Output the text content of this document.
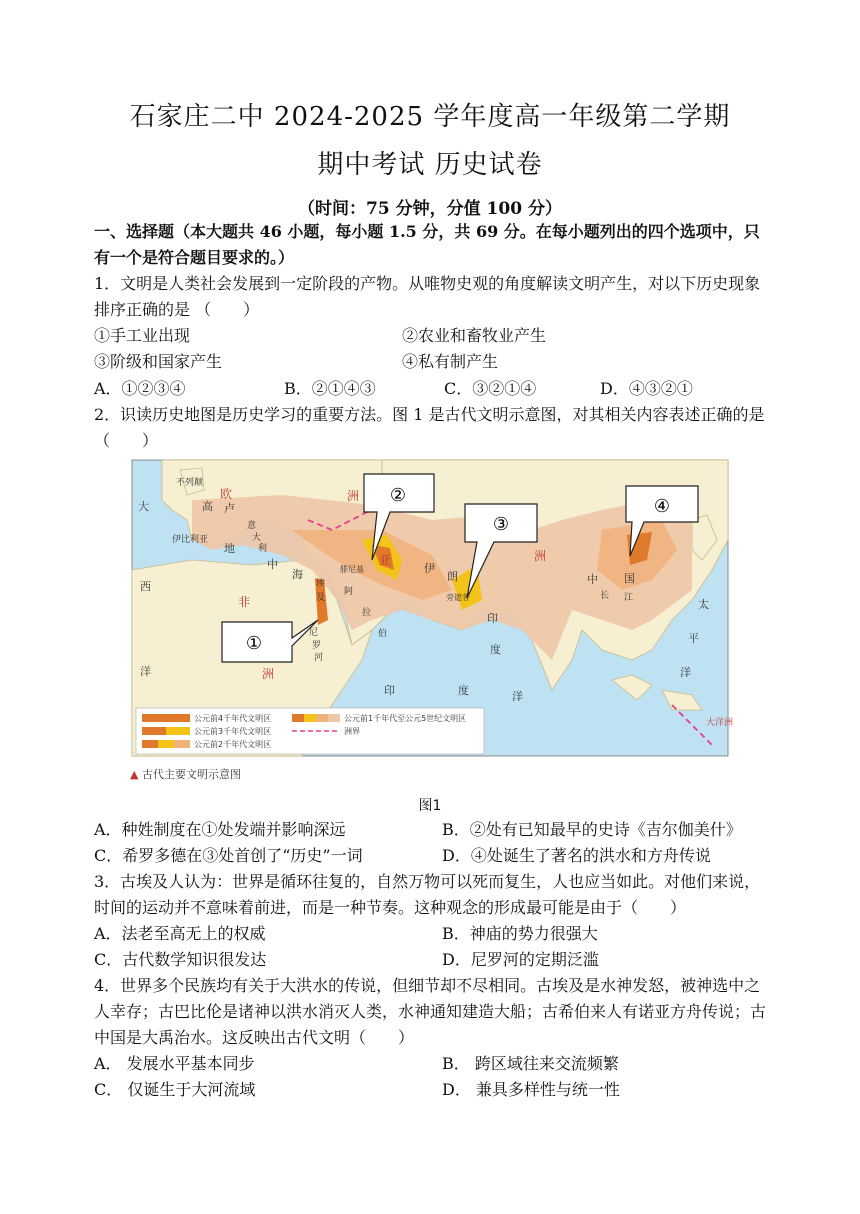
石家庄二中 2024-2025 学年度高一年级第二学期
期中考试 历史试卷
（时间：75 分钟，分值 100 分）
一、选择题（本大题共 46 小题，每小题 1.5 分，共 69 分。在每小题列出的四个选项中，只有一个是符合题目要求的。）
1．文明是人类社会发展到一定阶段的产物。从唯物史观的角度解读文明产生，对以下历史现象排序正确的是 （　　）
①手工业出现	②农业和畜牧业产生
③阶级和国家产生	④私有制产生
A．①②③④	B．②①④③	C．③②①④	D．④③②①
2．识读历史地图是历史学习的重要方法。图 1 是古代文明示意图，对其相关内容表述正确的是（　　）
①
②
③
④
不列颠
欧	洲
高 卢
意
大
利
伊比利亚
地
中
海
大
西
洋
非
洲
埃
及
尼
罗
河
阿
拉
伯
腓尼基
亚
伊
朗
旁遮普
印
度
洲
中 国
长 江	太
平
洋
印	度	洋
大洋洲
公元前4千年代文明区
公元前3千年代文明区
公元前2千年代文明区
公元前1千年代至公元5世纪文明区
洲界
▲ 古代主要文明示意图
图1
A．种姓制度在①处发端并影响深远	B．②处有已知最早的史诗《吉尔伽美什》
C．希罗多德在③处首创了“历史”一词	D．④处诞生了著名的洪水和方舟传说
3．古埃及人认为：世界是循环往复的，自然万物可以死而复生，人也应当如此。对他们来说，时间的运动并不意味着前进，而是一种节奏。这种观念的形成最可能是由于（　　）
A．法老至高无上的权威	B．神庙的势力很强大
C．古代数学知识很发达	D．尼罗河的定期泛滥
4．世界多个民族均有关于大洪水的传说，但细节却不尽相同。古埃及是水神发怒，被神选中之人幸存；古巴比伦是诸神以洪水消灭人类，水神通知建造大船；古希伯来人有诺亚方舟传说；古中国是大禹治水。这反映出古代文明（　　）
A． 发展水平基本同步	B． 跨区域往来交流频繁
C． 仅诞生于大河流域	D． 兼具多样性与统一性
